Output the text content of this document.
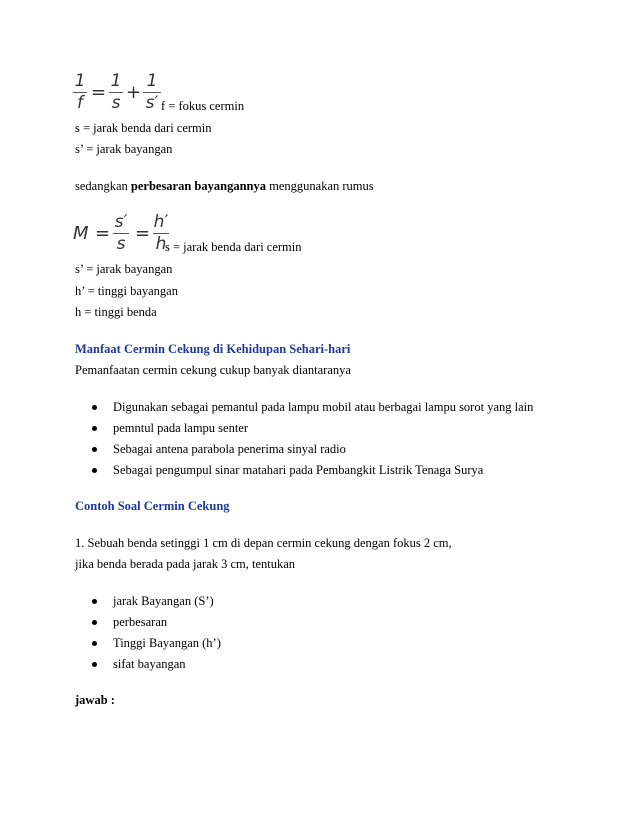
1
f =
1
s +
1
s′ f = fokus cermin
s = jarak benda dari cermin
s’ = jarak bayangan
sedangkan perbesaran bayangannya menggunakan rumus
M =
s′
s =
h′
h
s = jarak benda dari cermin
s’ = jarak bayangan
h’ = tinggi bayangan
h = tinggi benda
Manfaat Cermin Cekung di Kehidupan Sehari-hari
Pemanfaatan cermin cekung cukup banyak diantaranya
Digunakan sebagai pemantul pada lampu mobil atau berbagai lampu sorot yang lain
pemntul pada lampu senter
Sebagai antena parabola penerima sinyal radio
Sebagai pengumpul sinar matahari pada Pembangkit Listrik Tenaga Surya
Contoh Soal Cermin Cekung
1. Sebuah benda setinggi 1 cm di depan cermin cekung dengan fokus 2 cm,
jika benda berada pada jarak 3 cm, tentukan
jarak Bayangan (S’)
perbesaran
Tinggi Bayangan (h’)
sifat bayangan
jawab :
